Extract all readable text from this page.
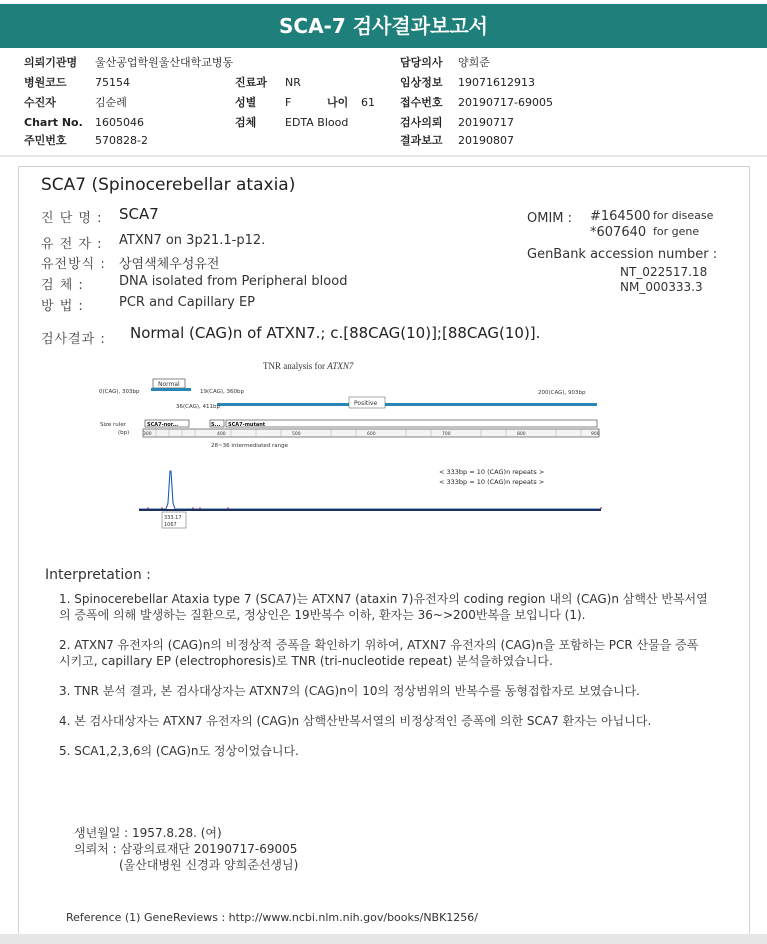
SCA-7 검사결과보고서
의뢰기관명 울산공업학원울산대학교병동	담당의사 양희준
병원코드	75154	진료과 NR	임상정보 19071612913
수진자	김순례	성별	F	나이 61 접수번호 20190717-69005
Chart No. 1605046	검체	EDTA Blood	검사의뢰 20190717
주민번호	570828-2	결과보고 20190807
SCA7 (Spinocerebellar ataxia)
진 단 명 : SCA7
유 전 자 : ATXN7 on 3p21.1-p12.
유전방식 : 상염색체우성유전
검 체 :	DNA isolated from Peripheral blood
방 법 :	PCR and Capillary EP
OMIM : #164500 for disease
*607640 for gene
GenBank accession number :
NT_022517.18
NM_000333.3
검사결과 : Normal (CAG)n of ATXN7.; c.[88CAG(10)];[88CAG(10)].
TNR analysis for ATXN7
Normal
0(CAG), 303bp	19(CAG), 360bp
Positive
36(CAG), 411bp
200(CAG), 903bp
Size ruler
(bp)
SCA7-nor...	S... SCA7-mutant
300	400	500	600	700	800	900
28~36 intermediated range
< 333bp = 10 (CAG)n repeats >
< 333bp = 10 (CAG)n repeats >
333.17
1067
Interpretation :

1. Spinocerebellar Ataxia type 7 (SCA7)는 ATXN7 (ataxin 7)유전자의 coding region 내의 (CAG)n 삼핵산 반복서열의 증폭에 의해 발생하는 질환으로, 정상인은 19반복수 이하, 환자는 36~>200반복을 보입니다 (1).

2. ATXN7 유전자의 (CAG)n의 비정상적 증폭을 확인하기 위하여, ATXN7 유전자의 (CAG)n을 포함하는 PCR 산물을 증폭시키고, capillary EP (electrophoresis)로 TNR (tri-nucleotide repeat) 분석을하였습니다.

3. TNR 분석 결과, 본 검사대상자는 ATXN7의 (CAG)n이 10의 정상범위의 반복수를 동형접합자로 보였습니다.

4. 본 검사대상자는 ATXN7 유전자의 (CAG)n 삼핵산반복서열의 비정상적인 증폭에 의한 SCA7 환자는 아닙니다.

5. SCA1,2,3,6의 (CAG)n도 정상이었습니다.

생년월일 : 1957.8.28. (여)
의뢰처 : 삼광의료재단 20190717-69005
(울산대병원 신경과 양희준선생님)
Reference (1) GeneReviews : http://www.ncbi.nlm.nih.gov/books/NBK1256/
